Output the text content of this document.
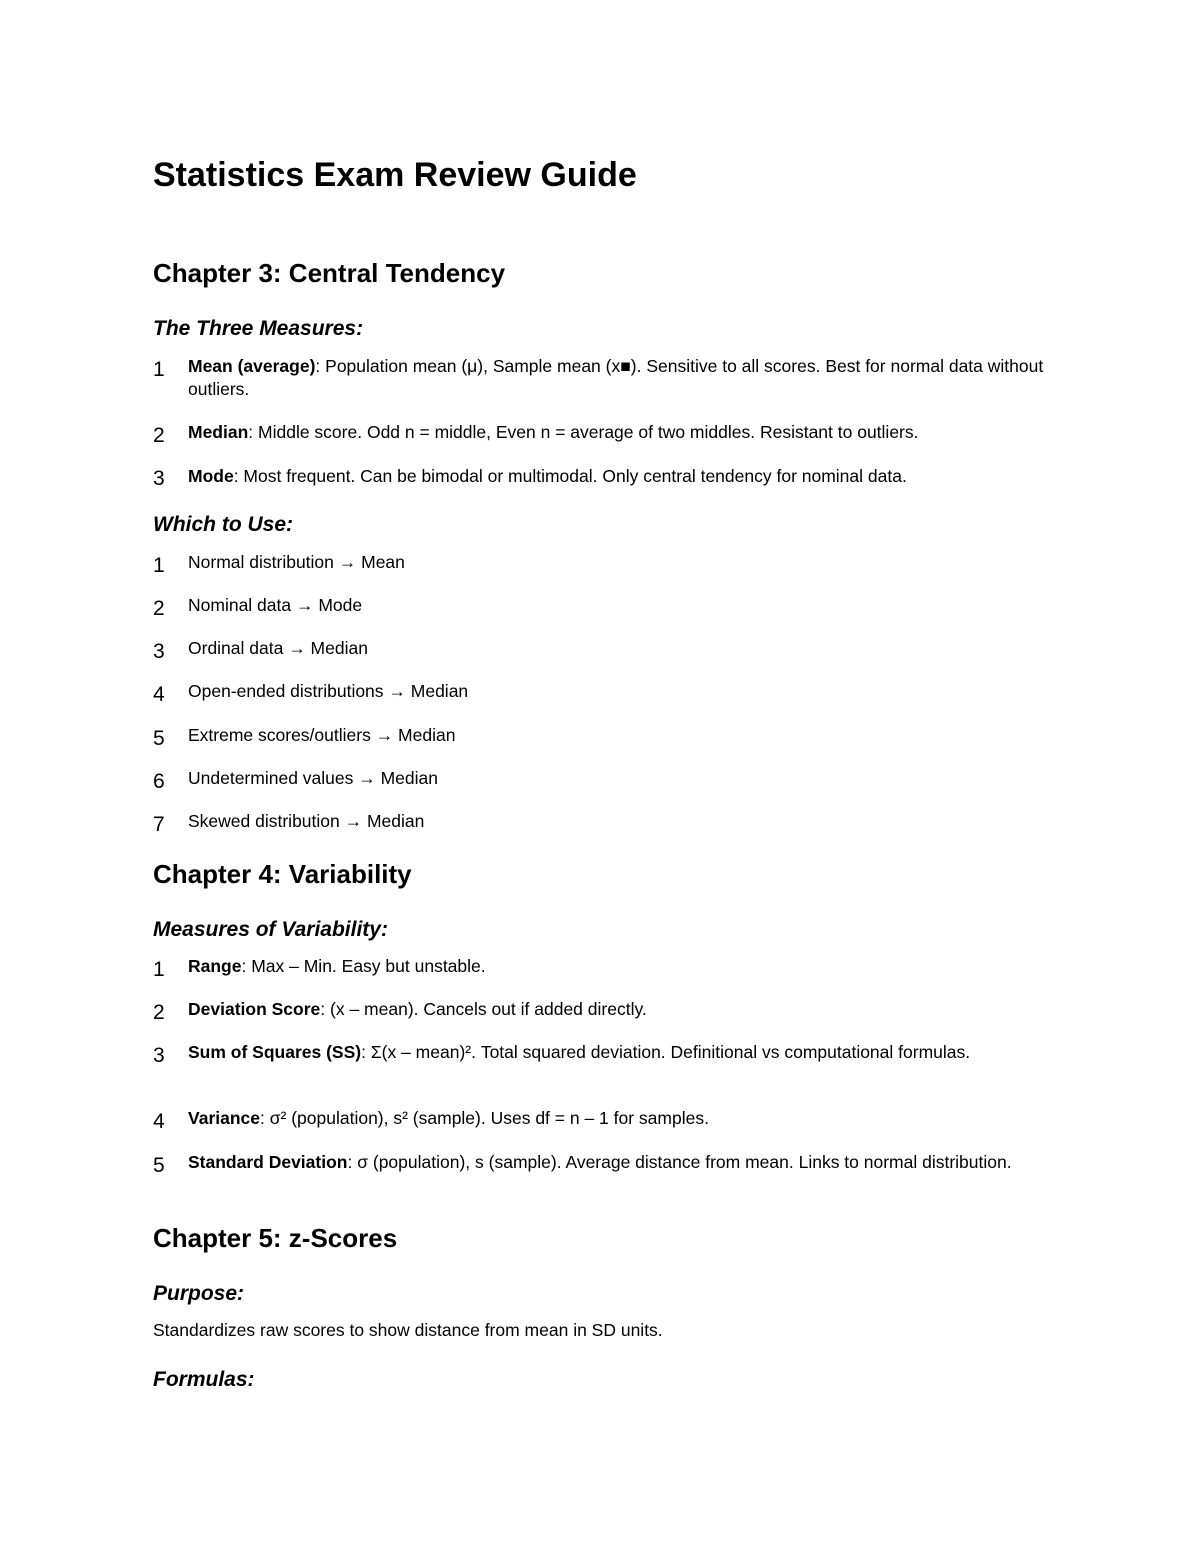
Statistics Exam Review Guide
Chapter 3: Central Tendency
The Three Measures:
1 Mean (average): Population mean (μ), Sample mean (x■). Sensitive to all scores. Best for normal data without outliers.
2 Median: Middle score. Odd n = middle, Even n = average of two middles. Resistant to outliers.
3 Mode: Most frequent. Can be bimodal or multimodal. Only central tendency for nominal data.
Which to Use:
1 Normal distribution → Mean
2 Nominal data → Mode
3 Ordinal data → Median
4 Open-ended distributions → Median
5 Extreme scores/outliers → Median
6 Undetermined values → Median
7 Skewed distribution → Median
Chapter 4: Variability
Measures of Variability:
1 Range: Max – Min. Easy but unstable.
2 Deviation Score: (x – mean). Cancels out if added directly.
3 Sum of Squares (SS): Σ(x – mean)². Total squared deviation. Definitional vs computational formulas.
4 Variance: σ² (population), s² (sample). Uses df = n – 1 for samples.
5 Standard Deviation: σ (population), s (sample). Average distance from mean. Links to normal distribution.
Chapter 5: z-Scores
Purpose:

Standardizes raw scores to show distance from mean in SD units.

Formulas:
